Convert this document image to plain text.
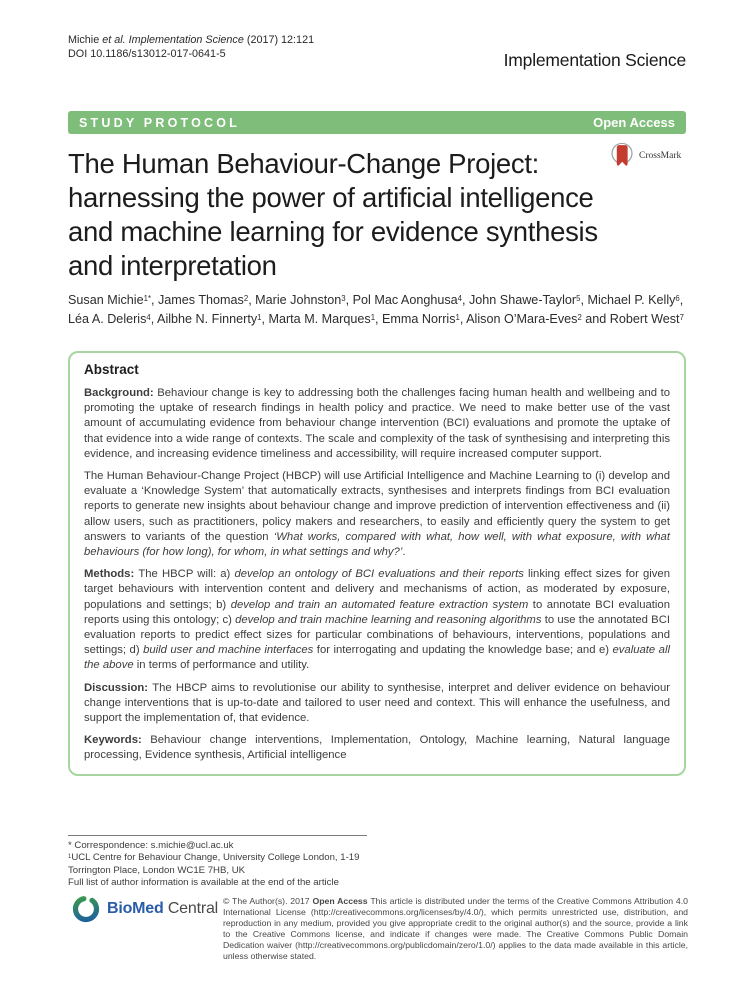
Michie et al. Implementation Science (2017) 12:121
DOI 10.1186/s13012-017-0641-5	Implementation Science
STUDY PROTOCOL	Open Access
CrossMark
The Human Behaviour-Change Project: harnessing the power of artificial intelligence and machine learning for evidence synthesis and interpretation
Susan Michie$^{1*}$, James Thomas$^2$, Marie Johnston$^3$, Pol Mac Aonghusa$^4$, John Shawe-Taylor$^5$, Michael P. Kelly$^6$, Léa A. Deleris$^4$, Ailbhe N. Finnerty$^1$, Marta M. Marques$^1$, Emma Norris$^1$, Alison O’Mara-Eves$^2$ and Robert West$^7$
Abstract

Background: Behaviour change is key to addressing both the challenges facing human health and wellbeing and to promoting the uptake of research findings in health policy and practice. We need to make better use of the vast amount of accumulating evidence from behaviour change intervention (BCI) evaluations and promote the uptake of that evidence into a wide range of contexts. The scale and complexity of the task of synthesising and interpreting this evidence, and increasing evidence timeliness and accessibility, will require increased computer support.

The Human Behaviour-Change Project (HBCP) will use Artificial Intelligence and Machine Learning to (i) develop and evaluate a ‘Knowledge System’ that automatically extracts, synthesises and interprets findings from BCI evaluation reports to generate new insights about behaviour change and improve prediction of intervention effectiveness and (ii) allow users, such as practitioners, policy makers and researchers, to easily and efficiently query the system to get answers to variants of the question ‘What works, compared with what, how well, with what exposure, with what behaviours (for how long), for whom, in what settings and why?’.

Methods: The HBCP will: a) develop an ontology of BCI evaluations and their reports linking effect sizes for given target behaviours with intervention content and delivery and mechanisms of action, as moderated by exposure, populations and settings; b) develop and train an automated feature extraction system to annotate BCI evaluation reports using this ontology; c) develop and train machine learning and reasoning algorithms to use the annotated BCI evaluation reports to predict effect sizes for particular combinations of behaviours, interventions, populations and settings; d) build user and machine interfaces for interrogating and updating the knowledge base; and e) evaluate all the above in terms of performance and utility.

Discussion: The HBCP aims to revolutionise our ability to synthesise, interpret and deliver evidence on behaviour change interventions that is up-to-date and tailored to user need and context. This will enhance the usefulness, and support the implementation of, that evidence.

Keywords: Behaviour change interventions, Implementation, Ontology, Machine learning, Natural language processing, Evidence synthesis, Artificial intelligence

* Correspondence: s.michie@ucl.ac.uk
$^1$UCL Centre for Behaviour Change, University College London, 1-19 Torrington Place, London WC1E 7HB, UK
Full list of author information is available at the end of the article
BioMed Central © The Author(s). 2017 Open Access This article is distributed under the terms of the Creative Commons Attribution 4.0 International License (http://creativecommons.org/licenses/by/4.0/), which permits unrestricted use, distribution, and reproduction in any medium, provided you give appropriate credit to the original author(s) and the source, provide a link to the Creative Commons license, and indicate if changes were made. The Creative Commons Public Domain Dedication waiver (http://creativecommons.org/publicdomain/zero/1.0/) applies to the data made available in this article, unless otherwise stated.
